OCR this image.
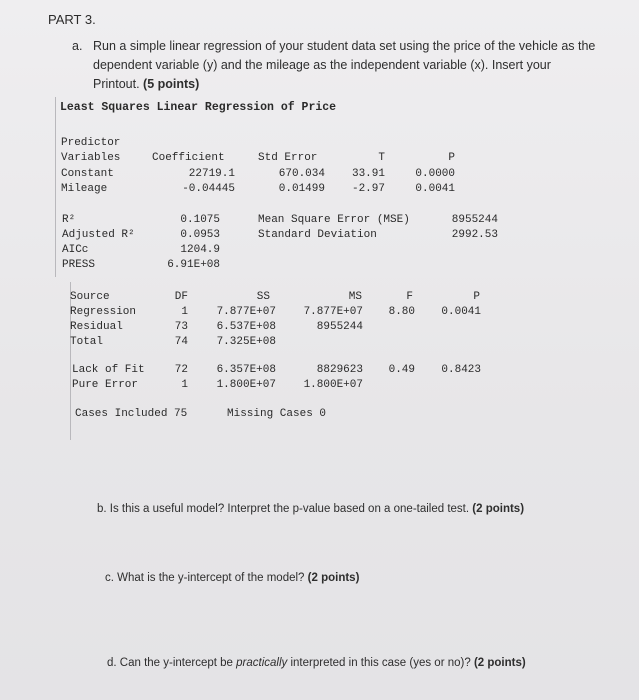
PART 3.
a. Run a simple linear regression of your student data set using the price of the vehicle as the dependent variable (y) and the mileage as the independent variable (x). Insert your Printout. (5 points)
Least Squares Linear Regression of Price
Predictor
Variables	Coefficient	Std Error	T	P
Constant	22719.1	670.034	33.91	0.0000
Mileage	-0.04445	0.01499	-2.97	0.0041
R²	0.1075
Adjusted R²	0.0953
AICc	1204.9
PRESS	6.91E+08
Mean Square Error (MSE)	8955244
Standard Deviation	2992.53
Source	DF	SS	MS	F	P
Regression	1	7.877E+07	7.877E+07	8.80	0.0041
Residual	73	6.537E+08	8955244
Total	74	7.325E+08
Lack of Fit	72	6.357E+08	8829623	0.49	0.8423
Pure Error	1	1.800E+07	1.800E+07
Cases Included 75	Missing Cases 0
b. Is this a useful model? Interpret the p-value based on a one-tailed test. (2 points)
c. What is the y-intercept of the model? (2 points)
d. Can the y-intercept be practically interpreted in this case (yes or no)? (2 points)
